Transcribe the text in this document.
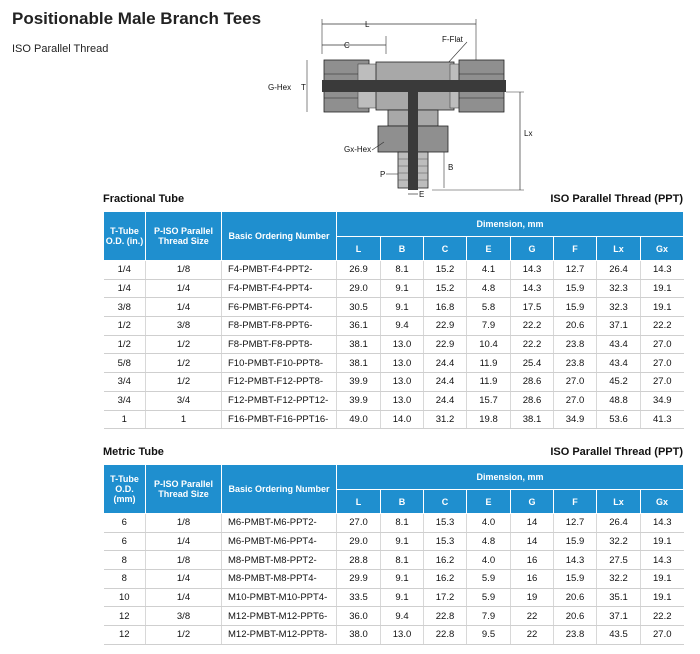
Positionable Male Branch Tees
ISO Parallel Thread
L
C
F-Flat
G-Hex T
Gx-Hex
Lx
B
P
E
Fractional Tube	ISO Parallel Thread (PPT)
T-Tube O.D. (in.)	P-ISO Parallel Thread Size	Basic Ordering Number	Dimension, mm							
			L	B	C	E	G	F	Lx	Gx
1/4	1/8	F4-PMBT-F4-PPT2-	26.9	8.1	15.2	4.1	14.3	12.7	26.4	14.3
1/4	1/4	F4-PMBT-F4-PPT4-	29.0	9.1	15.2	4.8	14.3	15.9	32.3	19.1
3/8	1/4	F6-PMBT-F6-PPT4-	30.5	9.1	16.8	5.8	17.5	15.9	32.3	19.1
1/2	3/8	F8-PMBT-F8-PPT6-	36.1	9.4	22.9	7.9	22.2	20.6	37.1	22.2
1/2	1/2	F8-PMBT-F8-PPT8-	38.1	13.0	22.9	10.4	22.2	23.8	43.4	27.0
5/8	1/2	F10-PMBT-F10-PPT8-	38.1	13.0	24.4	11.9	25.4	23.8	43.4	27.0
3/4	1/2	F12-PMBT-F12-PPT8-	39.9	13.0	24.4	11.9	28.6	27.0	45.2	27.0
3/4	3/4	F12-PMBT-F12-PPT12-	39.9	13.0	24.4	15.7	28.6	27.0	48.8	34.9
1	1	F16-PMBT-F16-PPT16-	49.0	14.0	31.2	19.8	38.1	34.9	53.6	41.3
Metric Tube	ISO Parallel Thread (PPT)
T-Tube O.D. (mm)	P-ISO Parallel Thread Size	Basic Ordering Number	Dimension, mm							
			L	B	C	E	G	F	Lx	Gx
6	1/8	M6-PMBT-M6-PPT2-	27.0	8.1	15.3	4.0	14	12.7	26.4	14.3
6	1/4	M6-PMBT-M6-PPT4-	29.0	9.1	15.3	4.8	14	15.9	32.2	19.1
8	1/8	M8-PMBT-M8-PPT2-	28.8	8.1	16.2	4.0	16	14.3	27.5	14.3
8	1/4	M8-PMBT-M8-PPT4-	29.9	9.1	16.2	5.9	16	15.9	32.2	19.1
10	1/4	M10-PMBT-M10-PPT4-	33.5	9.1	17.2	5.9	19	20.6	35.1	19.1
12	3/8	M12-PMBT-M12-PPT6-	36.0	9.4	22.8	7.9	22	20.6	37.1	22.2
12	1/2	M12-PMBT-M12-PPT8-	38.0	13.0	22.8	9.5	22	23.8	43.5	27.0
